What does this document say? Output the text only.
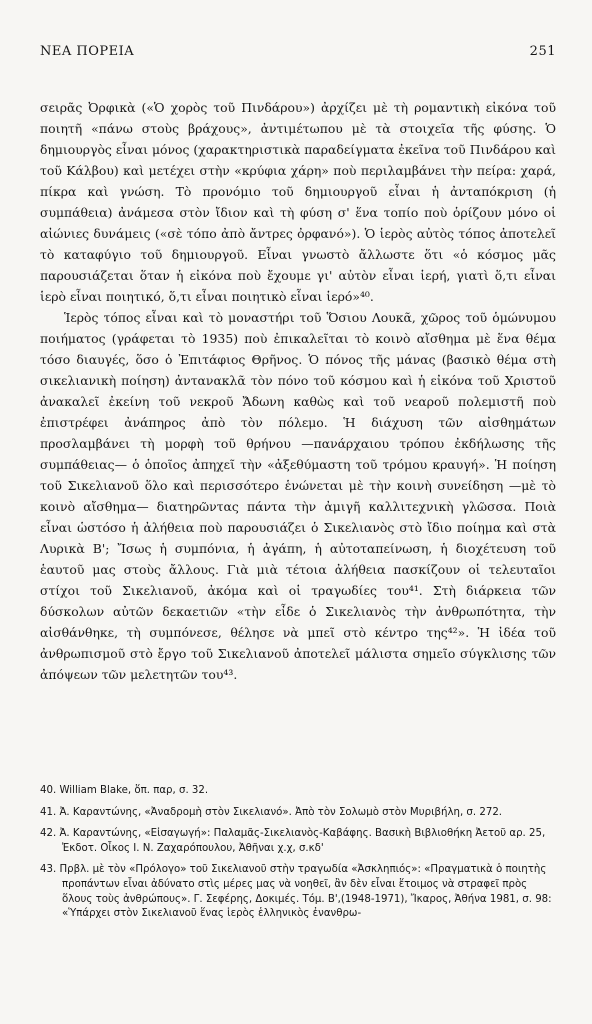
ΝΕΑ ΠΟΡΕΙΑ	251

σειρᾶς Ὀρφικὰ («Ὁ χορὸς τοῦ Πινδάρου») ἀρχίζει μὲ τὴ ρομαντικὴ εἰκόνα τοῦ ποιητῆ «πάνω στοὺς βράχους», ἀντιμέτωπου μὲ τὰ στοιχεῖα τῆς φύσης. Ὁ δημιουργὸς εἶναι μόνος (χαρακτηριστικὰ παραδείγματα ἐκεῖνα τοῦ Πινδάρου καὶ τοῦ Κάλβου) καὶ μετέχει στὴν «κρύφια χάρη» ποὺ περιλαμβάνει τὴν πείρα: χαρά, πίκρα καὶ γνώση. Τὸ προνόμιο τοῦ δημιουργοῦ εἶναι ἡ ἀνταπόκριση (ἡ συμπάθεια) ἀνάμεσα στὸν ἴδιον καὶ τὴ φύση σ' ἕνα τοπίο ποὺ ὁρίζουν μόνο οἱ αἰώνιες δυνάμεις («σὲ τόπο ἀπὸ ἄντρες ὀρφανό»). Ὁ ἱερὸς αὐτὸς τόπος ἀποτελεῖ τὸ καταφύγιο τοῦ δημιουργοῦ. Εἶναι γνωστὸ ἄλλωστε ὅτι «ὁ κόσμος μᾶς παρουσιάζεται ὅταν ἡ εἰκόνα ποὺ ἔχουμε γι' αὐτὸν εἶναι ἱερή, γιατὶ ὅ,τι εἶναι ἱερὸ εἶναι ποιητικό, ὅ,τι εἶναι ποιητικὸ εἶναι ἱερό»⁴⁰.

Ἱερὸς τόπος εἶναι καὶ τὸ μοναστήρι τοῦ Ὅσιου Λουκᾶ, χῶρος τοῦ ὁμώνυμου ποιήματος (γράφεται τὸ 1935) ποὺ ἐπικαλεῖται τὸ κοινὸ αἴσθημα μὲ ἕνα θέμα τόσο διαυγές, ὅσο ὁ Ἐπιτάφιος Θρῆνος. Ὁ πόνος τῆς μάνας (βασικὸ θέμα στὴ σικελιανικὴ ποίηση) ἀντανακλᾶ τὸν πόνο τοῦ κόσμου καὶ ἡ εἰκόνα τοῦ Χριστοῦ ἀνακαλεῖ ἐκείνη τοῦ νεκροῦ Ἄδωνη καθὼς καὶ τοῦ νεαροῦ πολεμιστῆ ποὺ ἐπιστρέφει ἀνάπηρος ἀπὸ τὸν πόλεμο. Ἡ διάχυση τῶν αἰσθημάτων προσλαμβάνει τὴ μορφὴ τοῦ θρήνου —πανάρχαιου τρόπου ἐκδήλωσης τῆς συμπάθειας— ὁ ὁποῖος ἀπηχεῖ τὴν «ἀξεθύμαστη τοῦ τρόμου κραυγή». Ἡ ποίηση τοῦ Σικελιανοῦ ὅλο καὶ περισσότερο ἑνώνεται μὲ τὴν κοινὴ συνείδηση —μὲ τὸ κοινὸ αἴσθημα— διατηρῶντας πάντα τὴν ἀμιγῆ καλλιτεχνικὴ γλῶσσα. Ποιὰ εἶναι ὡστόσο ἡ ἀλήθεια ποὺ παρουσιάζει ὁ Σικελιανὸς στὸ ἴδιο ποίημα καὶ στὰ Λυρικὰ Β'; Ἴσως ἡ συμπόνια, ἡ ἀγάπη, ἡ αὐτοταπείνωση, ἡ διοχέτευση τοῦ ἑαυτοῦ μας στοὺς ἄλλους. Γιὰ μιὰ τέτοια ἀλήθεια πασκίζουν οἱ τελευταῖοι στίχοι τοῦ Σικελιανοῦ, ἀκόμα καὶ οἱ τραγωδίες του⁴¹. Στὴ διάρκεια τῶν δύσκολων αὐτῶν δεκαετιῶν «τὴν εἶδε ὁ Σικελιανὸς τὴν ἀνθρωπότητα, τὴν αἰσθάνθηκε, τὴ συμπόνεσε, θέλησε νὰ μπεῖ στὸ κέντρο της⁴²». Ἡ ἰδέα τοῦ ἀνθρωπισμοῦ στὸ ἔργο τοῦ Σικελιανοῦ ἀποτελεῖ μάλιστα σημεῖο σύγκλισης τῶν ἀπόψεων τῶν μελετητῶν του⁴³.

40. William Blake, ὅπ. παρ, σ. 32.

41. Ἀ. Καραντώνης, «Ἀναδρομὴ στὸν Σικελιανό». Ἀπὸ τὸν Σολωμὸ στὸν Μυριβήλη, σ. 272.

42. Ἀ. Καραντώνης, «Εἰσαγωγή»: Παλαμᾶς-Σικελιανὸς-Καβάφης. Βασικὴ Βιβλιοθήκη Ἀετοῦ αρ. 25, Ἐκδοτ. Οἶκος Ι. Ν. Ζαχαρόπουλου, Ἀθῆναι χ.χ, σ.κδ'

43. Πρβλ. μὲ τὸν «Πρόλογο» τοῦ Σικελιανοῦ στὴν τραγωδία «Ἀσκληπιός»: «Πραγματικὰ ὁ ποιητὴς προπάντων εἶναι ἀδύνατο στὶς μέρες μας νὰ νοηθεῖ, ἂν δὲν εἶναι ἕτοιμος νὰ στραφεῖ πρὸς ὅλους τοὺς ἀνθρώπους». Γ. Σεφέρης, Δοκιμές. Τόμ. Β',(1948-1971), Ἴκαρος, Ἀθήνα 1981, σ. 98: «Ὑπάρχει στὸν Σικελιανοῦ ἕνας ἱερὸς ἑλληνικὸς ἐνανθρω-
